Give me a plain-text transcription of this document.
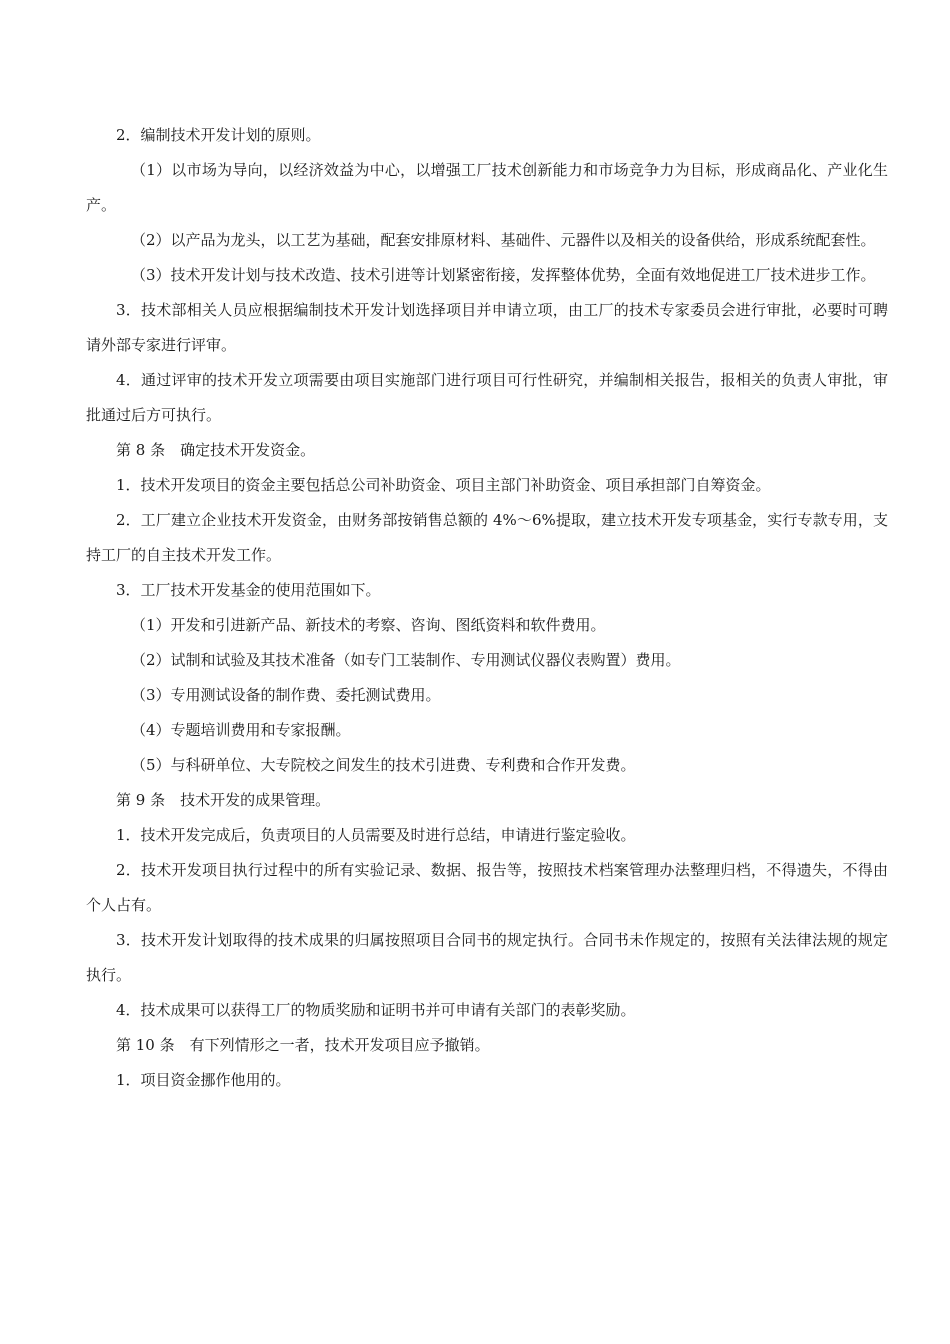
2．编制技术开发计划的原则。

（1）以市场为导向，以经济效益为中心，以增强工厂技术创新能力和市场竞争力为目标，形成商品化、产业化生产。

（2）以产品为龙头，以工艺为基础，配套安排原材料、基础件、元器件以及相关的设备供给，形成系统配套性。

（3）技术开发计划与技术改造、技术引进等计划紧密衔接，发挥整体优势，全面有效地促进工厂技术进步工作。

3．技术部相关人员应根据编制技术开发计划选择项目并申请立项，由工厂的技术专家委员会进行审批，必要时可聘请外部专家进行评审。

4．通过评审的技术开发立项需要由项目实施部门进行项目可行性研究，并编制相关报告，报相关的负责人审批，审批通过后方可执行。

第 8 条　确定技术开发资金。

1．技术开发项目的资金主要包括总公司补助资金、项目主部门补助资金、项目承担部门自筹资金。

2．工厂建立企业技术开发资金，由财务部按销售总额的 4%～6%提取，建立技术开发专项基金，实行专款专用，支持工厂的自主技术开发工作。

3．工厂技术开发基金的使用范围如下。

（1）开发和引进新产品、新技术的考察、咨询、图纸资料和软件费用。

（2）试制和试验及其技术准备（如专门工装制作、专用测试仪器仪表购置）费用。

（3）专用测试设备的制作费、委托测试费用。

（4）专题培训费用和专家报酬。

（5）与科研单位、大专院校之间发生的技术引进费、专利费和合作开发费。

第 9 条　技术开发的成果管理。

1．技术开发完成后，负责项目的人员需要及时进行总结，申请进行鉴定验收。

2．技术开发项目执行过程中的所有实验记录、数据、报告等，按照技术档案管理办法整理归档，不得遗失，不得由个人占有。

3．技术开发计划取得的技术成果的归属按照项目合同书的规定执行。合同书未作规定的，按照有关法律法规的规定执行。

4．技术成果可以获得工厂的物质奖励和证明书并可申请有关部门的表彰奖励。

第 10 条　有下列情形之一者，技术开发项目应予撤销。

1．项目资金挪作他用的。
